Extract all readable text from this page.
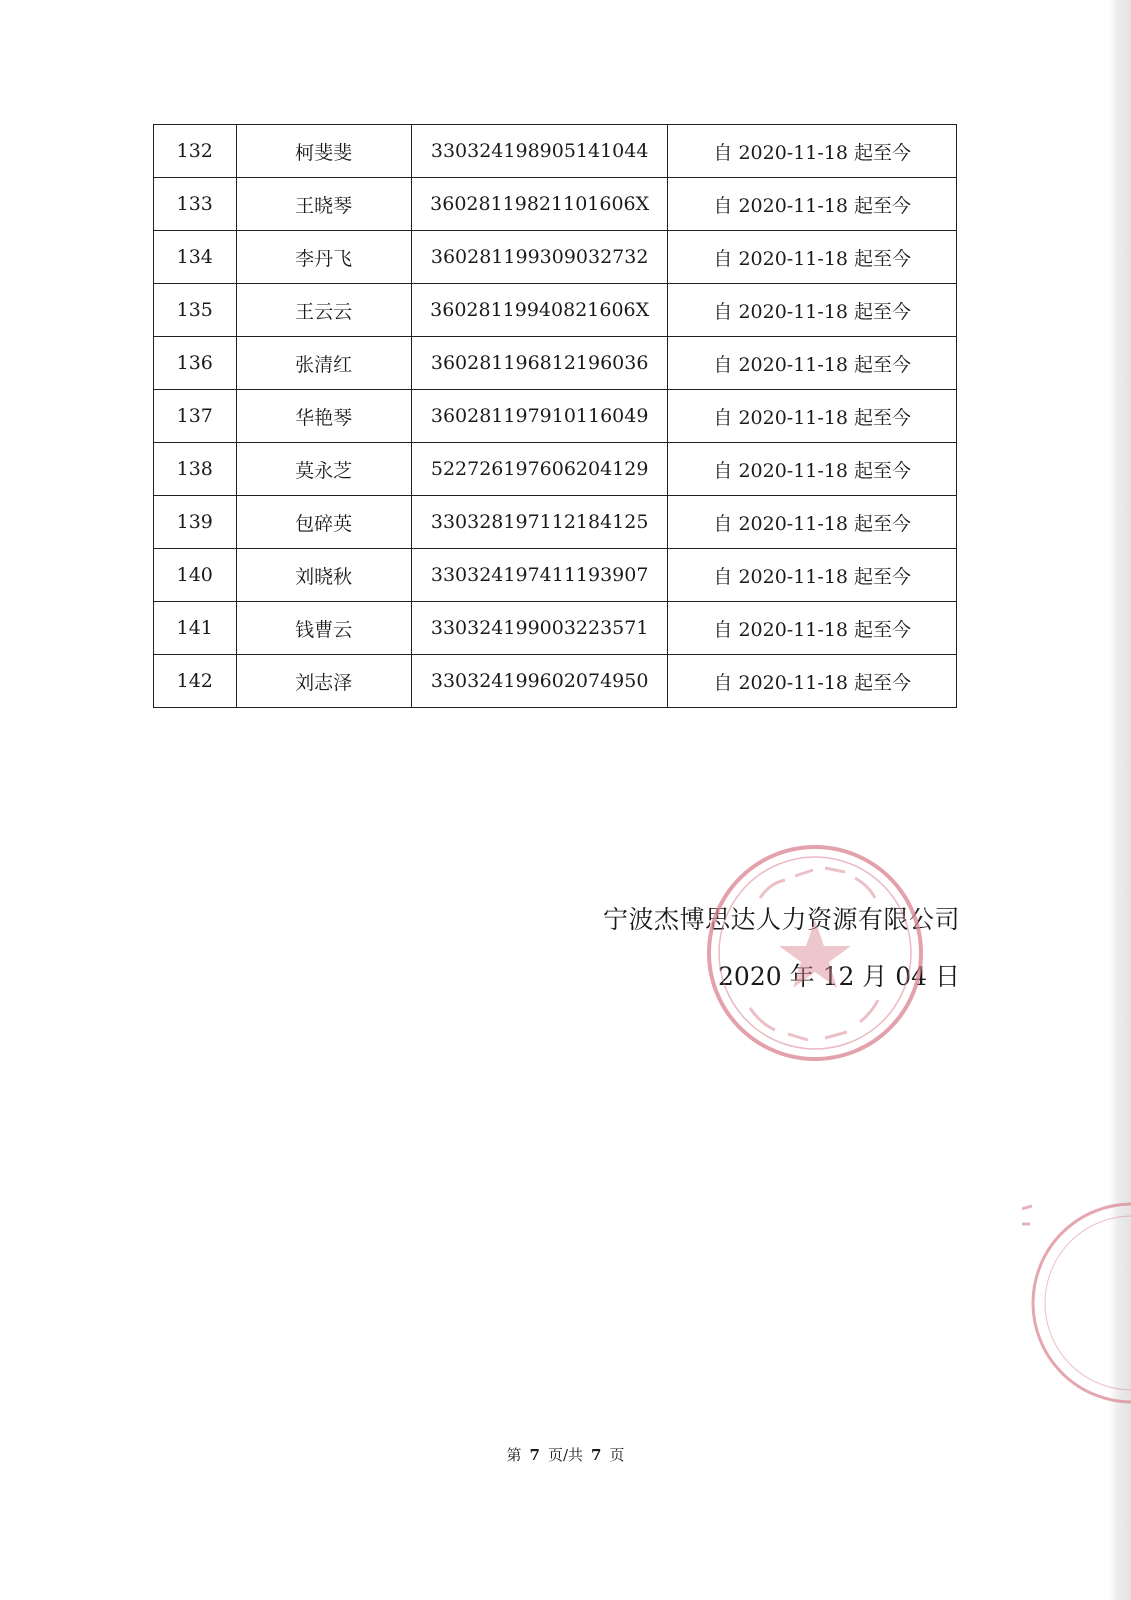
132	柯斐斐	330324198905141044	自 2020-11-18 起至今
133	王晓琴	36028119821101606X	自 2020-11-18 起至今
134	李丹飞	360281199309032732	自 2020-11-18 起至今
135	王云云	36028119940821606X	自 2020-11-18 起至今
136	张清红	360281196812196036	自 2020-11-18 起至今
137	华艳琴	360281197910116049	自 2020-11-18 起至今
138	莫永芝	522726197606204129	自 2020-11-18 起至今
139	包碎英	330328197112184125	自 2020-11-18 起至今
140	刘晓秋	330324197411193907	自 2020-11-18 起至今
141	钱曹云	330324199003223571	自 2020-11-18 起至今
142	刘志泽	330324199602074950	自 2020-11-18 起至今
宁波杰博思达人力资源有限公司
2020 年 12 月 04 日
第 7 页/共 7 页
